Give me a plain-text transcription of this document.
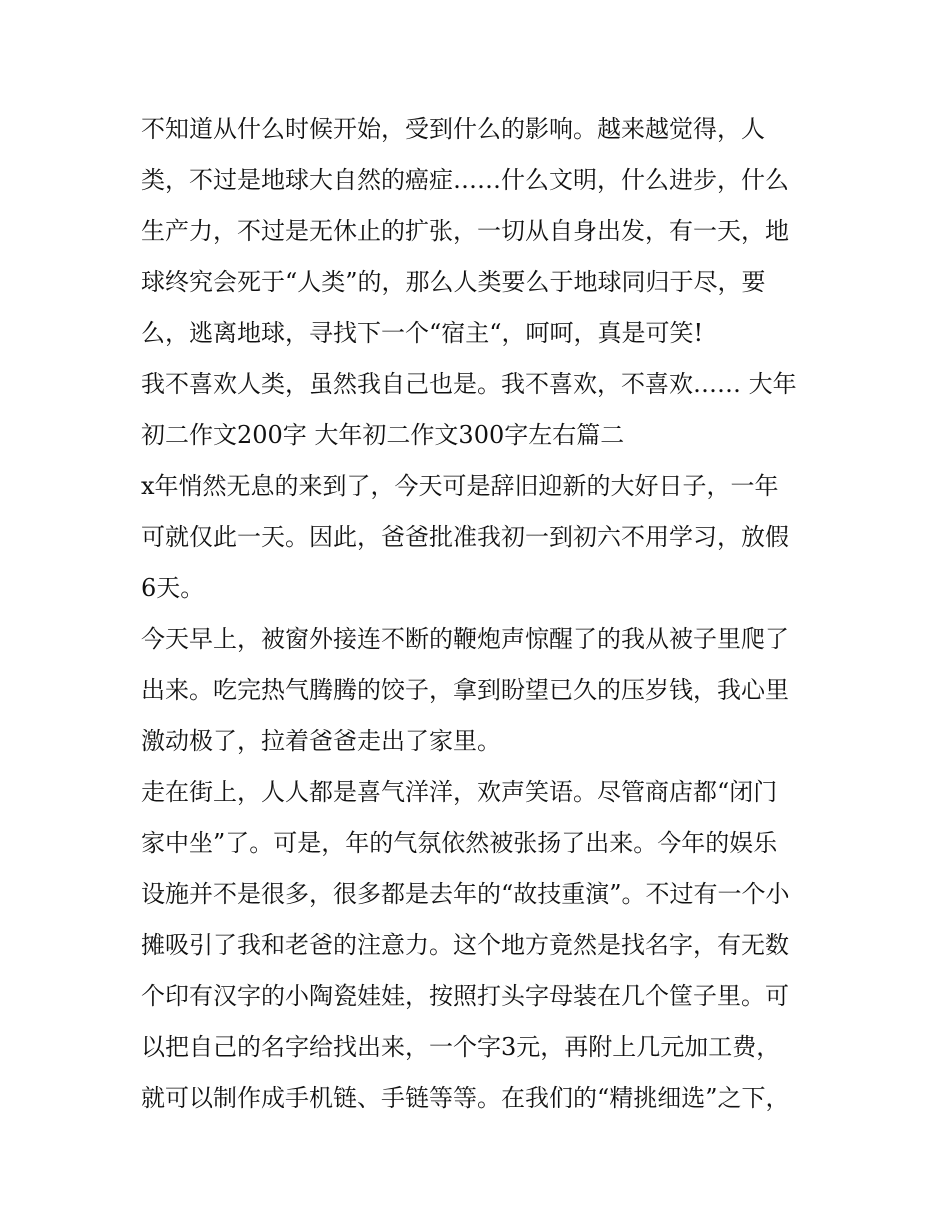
不知道从什么时候开始，受到什么的影响。越来越觉得，人
类，不过是地球大自然的癌症……什么文明，什么进步，什么
生产力，不过是无休止的扩张，一切从自身出发，有一天，地
球终究会死于“人类”的，那么人类要么于地球同归于尽，要
么，逃离地球，寻找下一个“宿主“，呵呵，真是可笑!
我不喜欢人类，虽然我自己也是。我不喜欢，不喜欢…… 大年
初二作文200字 大年初二作文300字左右篇二
x年悄然无息的来到了，今天可是辞旧迎新的大好日子，一年
可就仅此一天。因此，爸爸批准我初一到初六不用学习，放假
6天。
今天早上，被窗外接连不断的鞭炮声惊醒了的我从被子里爬了
出来。吃完热气腾腾的饺子，拿到盼望已久的压岁钱，我心里
激动极了，拉着爸爸走出了家里。
走在街上，人人都是喜气洋洋，欢声笑语。尽管商店都“闭门
家中坐”了。可是，年的气氛依然被张扬了出来。今年的娱乐
设施并不是很多，很多都是去年的“故技重演”。不过有一个小
摊吸引了我和老爸的注意力。这个地方竟然是找名字，有无数
个印有汉字的小陶瓷娃娃，按照打头字母装在几个筐子里。可
以把自己的名字给找出来，一个字3元，再附上几元加工费，
就可以制作成手机链、手链等等。在我们的“精挑细选”之下，
